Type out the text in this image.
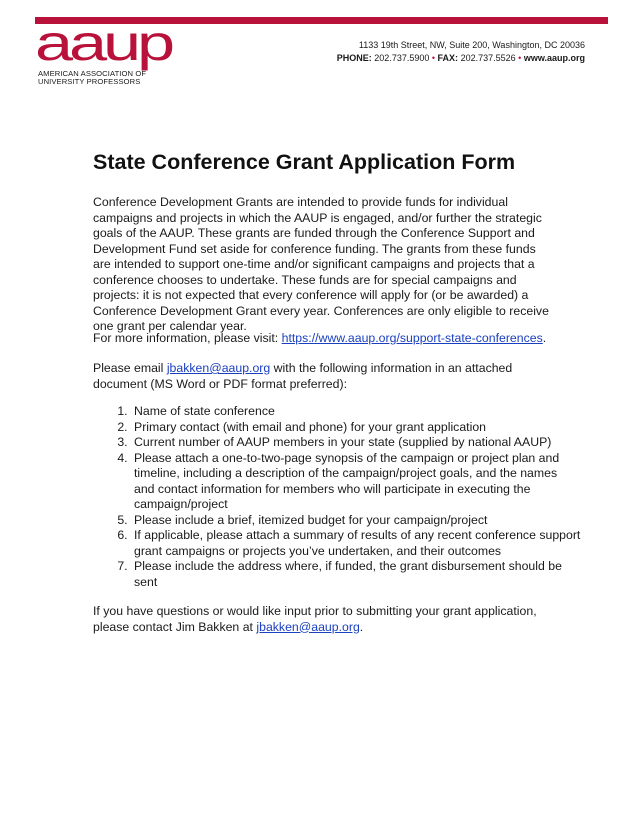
aaup
AMERICAN ASSOCIATION OF
UNIVERSITY PROFESSORS
1133 19th Street, NW, Suite 200, Washington, DC 20036
PHONE: 202.737.5900 • FAX: 202.737.5526 • www.aaup.org
State Conference Grant Application Form

Conference Development Grants are intended to provide funds for individual campaigns and projects in which the AAUP is engaged, and/or further the strategic goals of the AAUP. These grants are funded through the Conference Support and Development Fund set aside for conference funding. The grants from these funds are intended to support one-time and/or significant campaigns and projects that a conference chooses to undertake. These funds are for special campaigns and projects: it is not expected that every conference will apply for (or be awarded) a Conference Development Grant every year. Conferences are only eligible to receive one grant per calendar year.

For more information, please visit: https://www.aaup.org/support-state-conferences.

Please email jbakken@aaup.org with the following information in an attached document (MS Word or PDF format preferred):

1. Name of state conference
2. Primary contact (with email and phone) for your grant application
3. Current number of AAUP members in your state (supplied by national AAUP)
4. Please attach a one-to-two-page synopsis of the campaign or project plan and timeline, including a description of the campaign/project goals, and the names and contact information for members who will participate in executing the campaign/project
5. Please include a brief, itemized budget for your campaign/project
6. If applicable, please attach a summary of results of any recent conference support grant campaigns or projects you’ve undertaken, and their outcomes
7. Please include the address where, if funded, the grant disbursement should be sent

If you have questions or would like input prior to submitting your grant application, please contact Jim Bakken at jbakken@aaup.org.
